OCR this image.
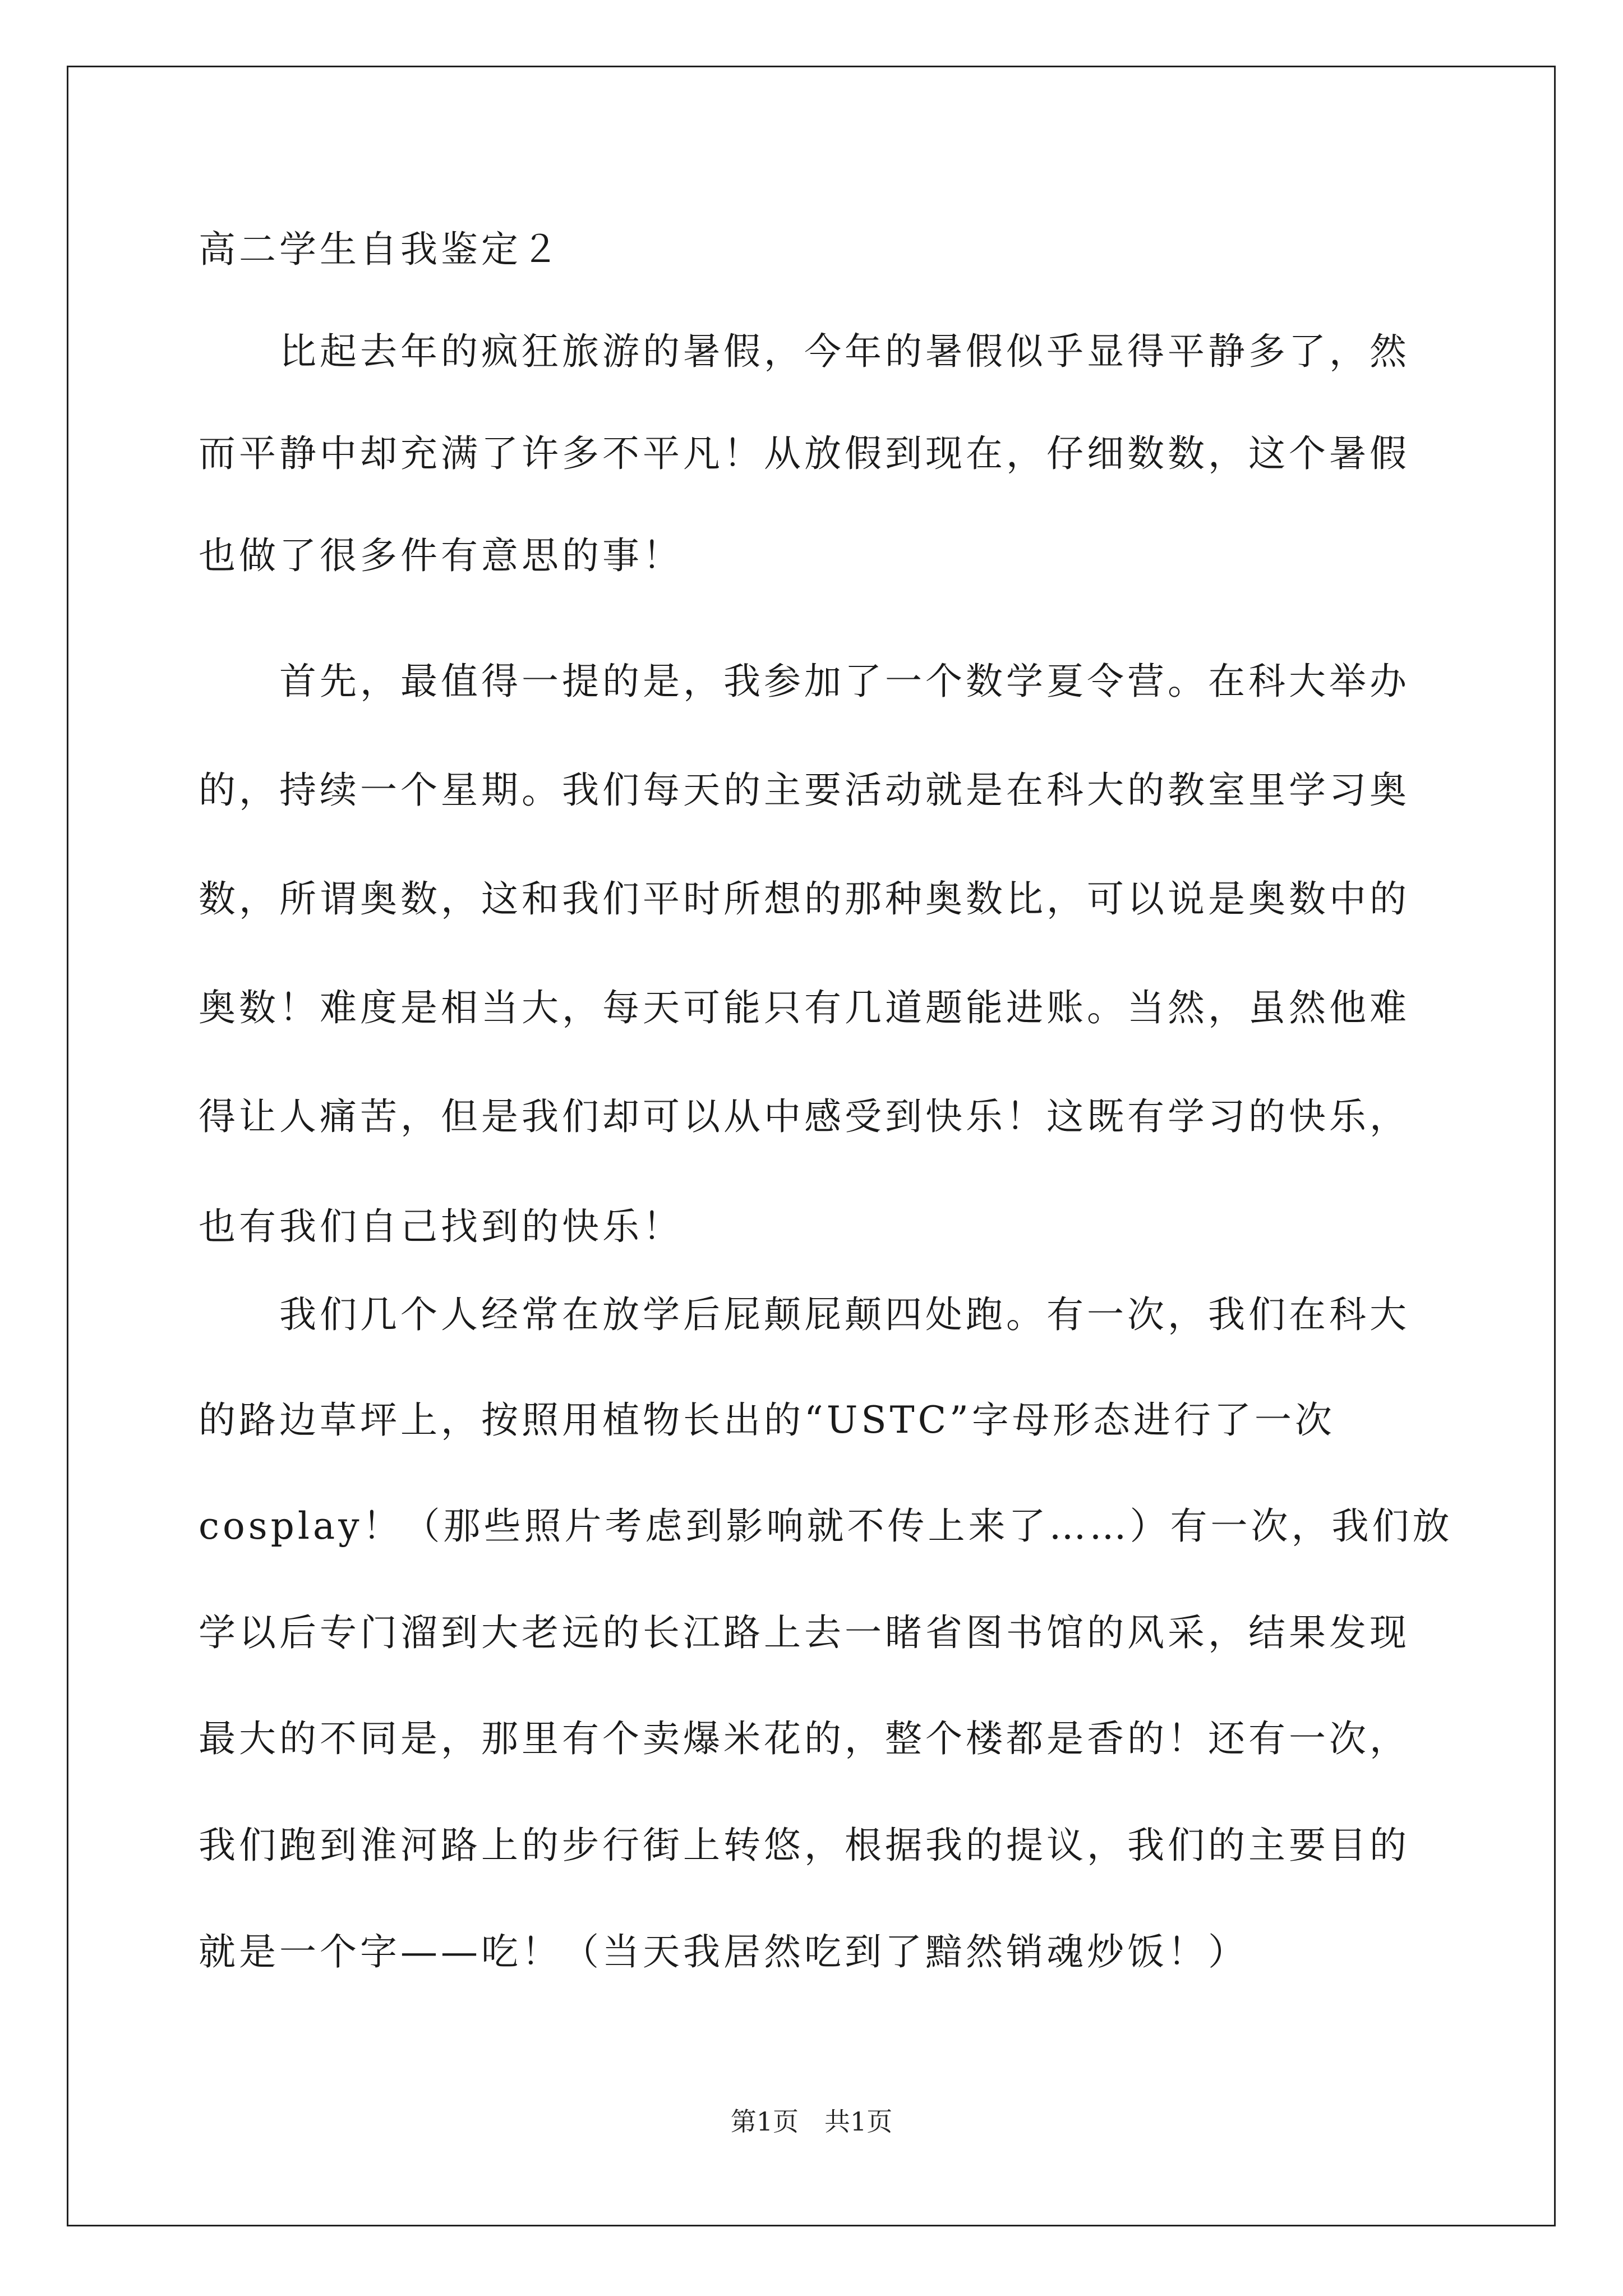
高二学生自我鉴定２
　　比起去年的疯狂旅游的暑假，今年的暑假似乎显得平静多了，然
而平静中却充满了许多不平凡！从放假到现在，仔细数数，这个暑假
也做了很多件有意思的事！
　　首先，最值得一提的是，我参加了一个数学夏令营。在科大举办
的，持续一个星期。我们每天的主要活动就是在科大的教室里学习奥
数，所谓奥数，这和我们平时所想的那种奥数比，可以说是奥数中的
奥数！难度是相当大，每天可能只有几道题能进账。当然，虽然他难
得让人痛苦，但是我们却可以从中感受到快乐！这既有学习的快乐，
也有我们自己找到的快乐！
　　我们几个人经常在放学后屁颠屁颠四处跑。有一次，我们在科大
的路边草坪上，按照用植物长出的“USTC”字母形态进行了一次
cosplay！（那些照片考虑到影响就不传上来了……）有一次，我们放
学以后专门溜到大老远的长江路上去一睹省图书馆的风采，结果发现
最大的不同是，那里有个卖爆米花的，整个楼都是香的！还有一次，
我们跑到淮河路上的步行街上转悠，根据我的提议，我们的主要目的
就是一个字——吃！（当天我居然吃到了黯然销魂炒饭！）
第1页　共1页
